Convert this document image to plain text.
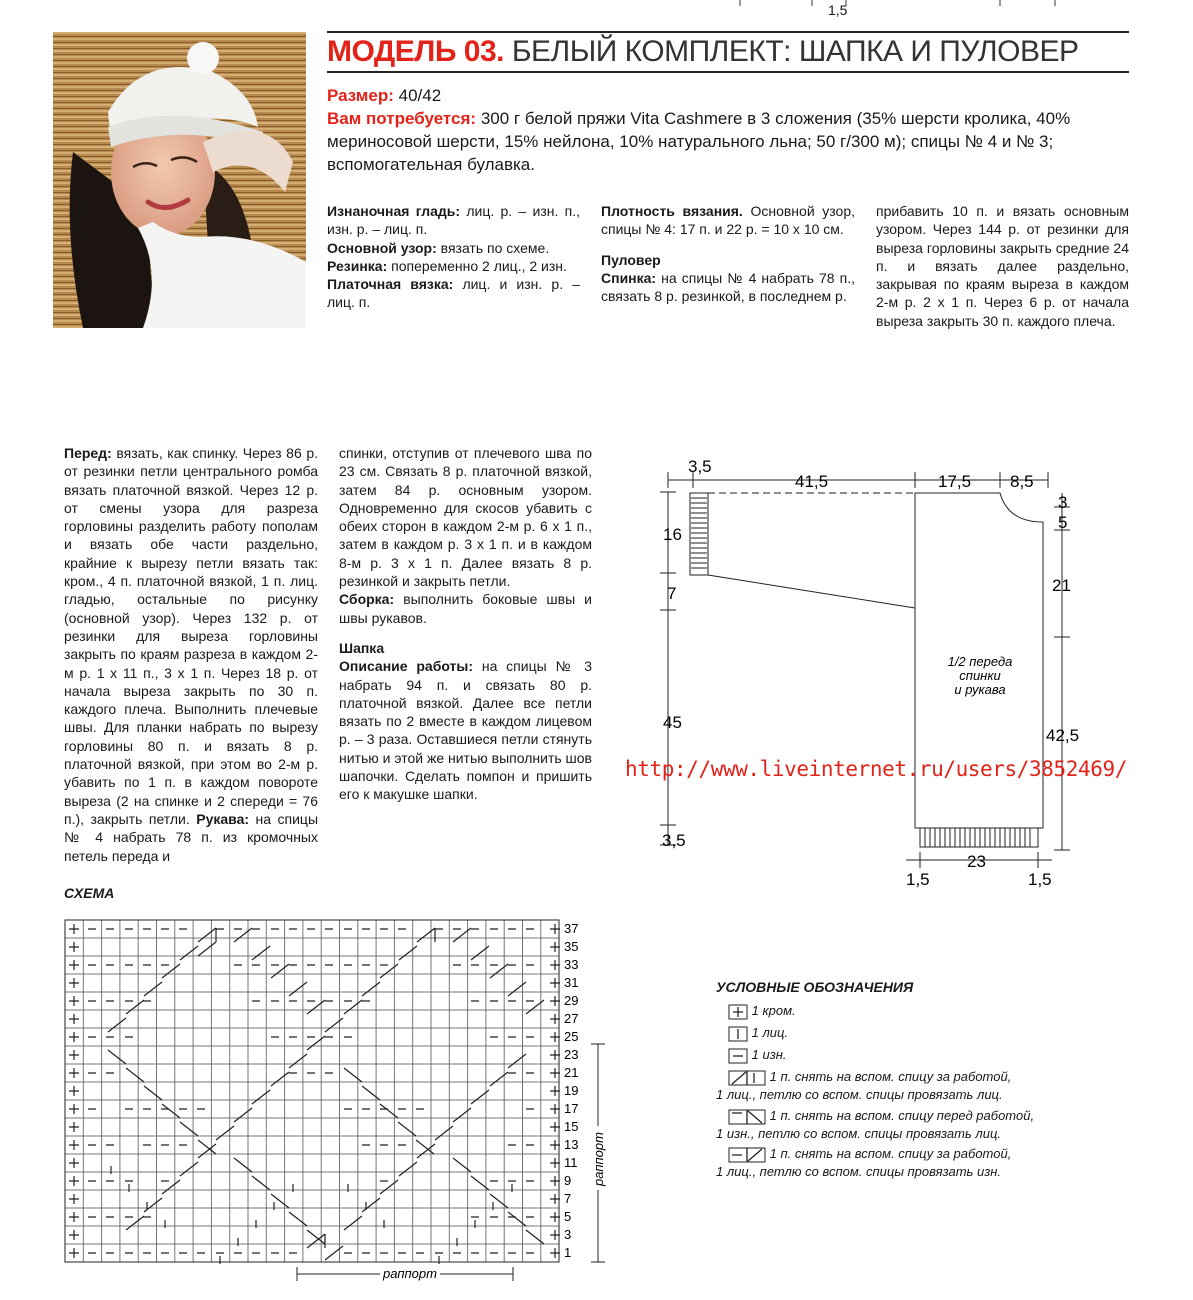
1,5
МОДЕЛЬ 03. БЕЛЫЙ КОМПЛЕКТ: ШАПКА И ПУЛОВЕР
Размер: 40/42
Вам потребуется: 300 г белой пряжи Vita Cashmere в 3 сложения (35% шерсти кролика, 40% мериносовой шерсти, 15% нейлона, 10% натурального льна; 50 г/300 м); спицы № 4 и № 3; вспомогательная булавка.
Изнаночная гладь: лиц. р. – изн. п., изн. р. – лиц. п.
Основной узор: вязать по схеме.
Резинка: попеременно 2 лиц., 2 изн.
Платочная вязка: лиц. и изн. р. – лиц. п.
Плотность вязания. Основной узор, спицы № 4: 17 п. и 22 р. = 10 х 10 см.
Пуловер
Спинка: на спицы № 4 набрать 78 п., связать 8 р. резинкой, в последнем р.
прибавить 10 п. и вязать основным узором. Через 144 р. от резинки для выреза горловины закрыть средние 24 п. и вязать далее раздельно, закрывая по краям выреза в каждом 2-м р. 2 х 1 п. Через 6 р. от начала выреза закрыть 30 п. каждого плеча.
Перед: вязать, как спинку. Через 86 р. от резинки петли центрального ромба вязать платочной вязкой. Через 12 р. от смены узора для разреза горловины разделить работу пополам и вязать обе части раздельно, крайние к вырезу петли вязать так: кром., 4 п. платочной вязкой, 1 п. лиц. гладью, остальные по рисунку (основной узор). Через 132 р. от резинки для выреза горловины закрыть по краям разреза в каждом 2-м р. 1 х 11 п., 3 х 1 п. Через 18 р. от начала выреза закрыть по 30 п. каждого плеча. Выполнить плечевые швы. Для планки набрать по вырезу горловины 80 п. и вязать 8 р. платочной вязкой, при этом во 2-м р. убавить по 1 п. в каждом повороте выреза (2 на спинке и 2 спереди = 76 п.), закрыть петли. Рукава: на спицы № 4 набрать 78 п. из кромочных петель переда и
спинки, отступив от плечевого шва по 23 см. Связать 8 р. платочной вязкой, затем 84 р. основным узором. Одновременно для скосов убавить с обеих сторон в каждом 2-м р. 6 х 1 п., затем в каждом р. 3 х 1 п. и в каждом 8-м р. 3 х 1 п. Далее вязать 8 р. резинкой и закрыть петли.
Сборка: выполнить боковые швы и швы рукавов.
Шапка
Описание работы: на спицы № 3 набрать 94 п. и связать 80 р. платочной вязкой. Далее все петли вязать по 2 вместе в каждом лицевом р. – 3 раза. Оставшиеся петли стянуть нитью и этой же нитью выполнить шов шапочки. Сделать помпон и пришить его к макушке шапки.
3,5
41,5	17,5 8,5
16
7
45
3,5
1/2 переда
спинки
и рукава
3
5
21
42,5
23
1,5	1,5
http://www.liveinternet.ru/users/3852469/
СХЕМА
37
35
33
31
29
27
25
23
21
19
17
15
13
11
9
7
5
3
1
раппорт
раппорт
УСЛОВНЫЕ ОБОЗНАЧЕНИЯ
1 кром.
1 лиц.
1 изн.
1 п. снять на вспом. спицу за работой,
1 лиц., петлю со вспом. спицы провязать лиц.
1 п. снять на вспом. спицу перед работой,
1 изн., петлю со вспом. спицы провязать лиц.
1 п. снять на вспом. спицу за работой,
1 лиц., петлю со вспом. спицы провязать изн.
